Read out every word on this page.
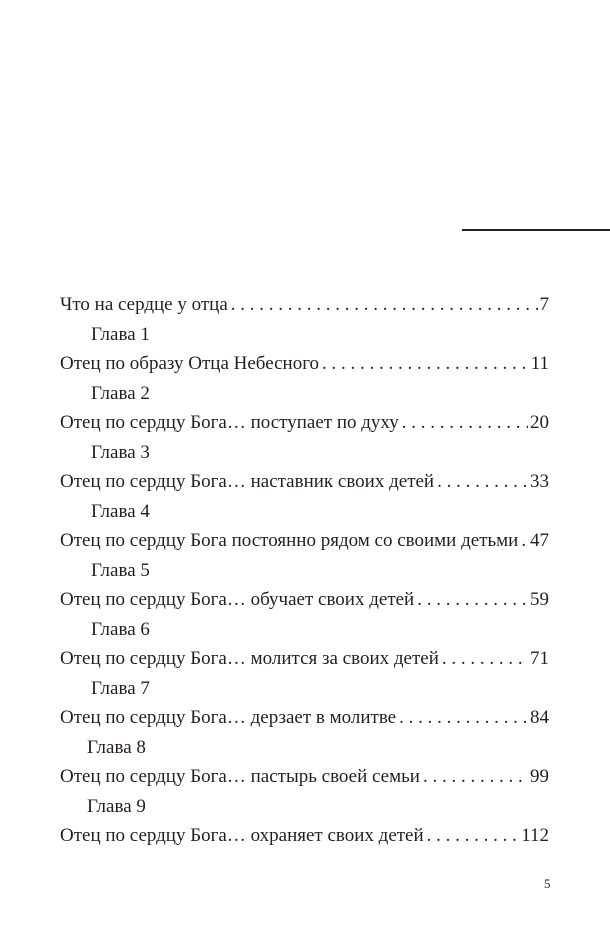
Что на сердце у отца . . .	7
Глава 1
Отец по образу Отца Небесного . . .	11
Глава 2
Отец по сердцу Бога… поступает по духу . . .	20
Глава 3
Отец по сердцу Бога… наставник своих детей . . .	33
Глава 4
Отец по сердцу Бога постоянно рядом со своими детьми . . . 47
Глава 5
Отец по сердцу Бога… обучает своих детей . . .	59
Глава 6
Отец по сердцу Бога… молится за своих детей . . .	71
Глава 7
Отец по сердцу Бога… дерзает в молитве . . .	84
Глава 8
Отец по сердцу Бога… пастырь своей семьи . . .	99
Глава 9
Отец по сердцу Бога… охраняет своих детей . . .	112
5
